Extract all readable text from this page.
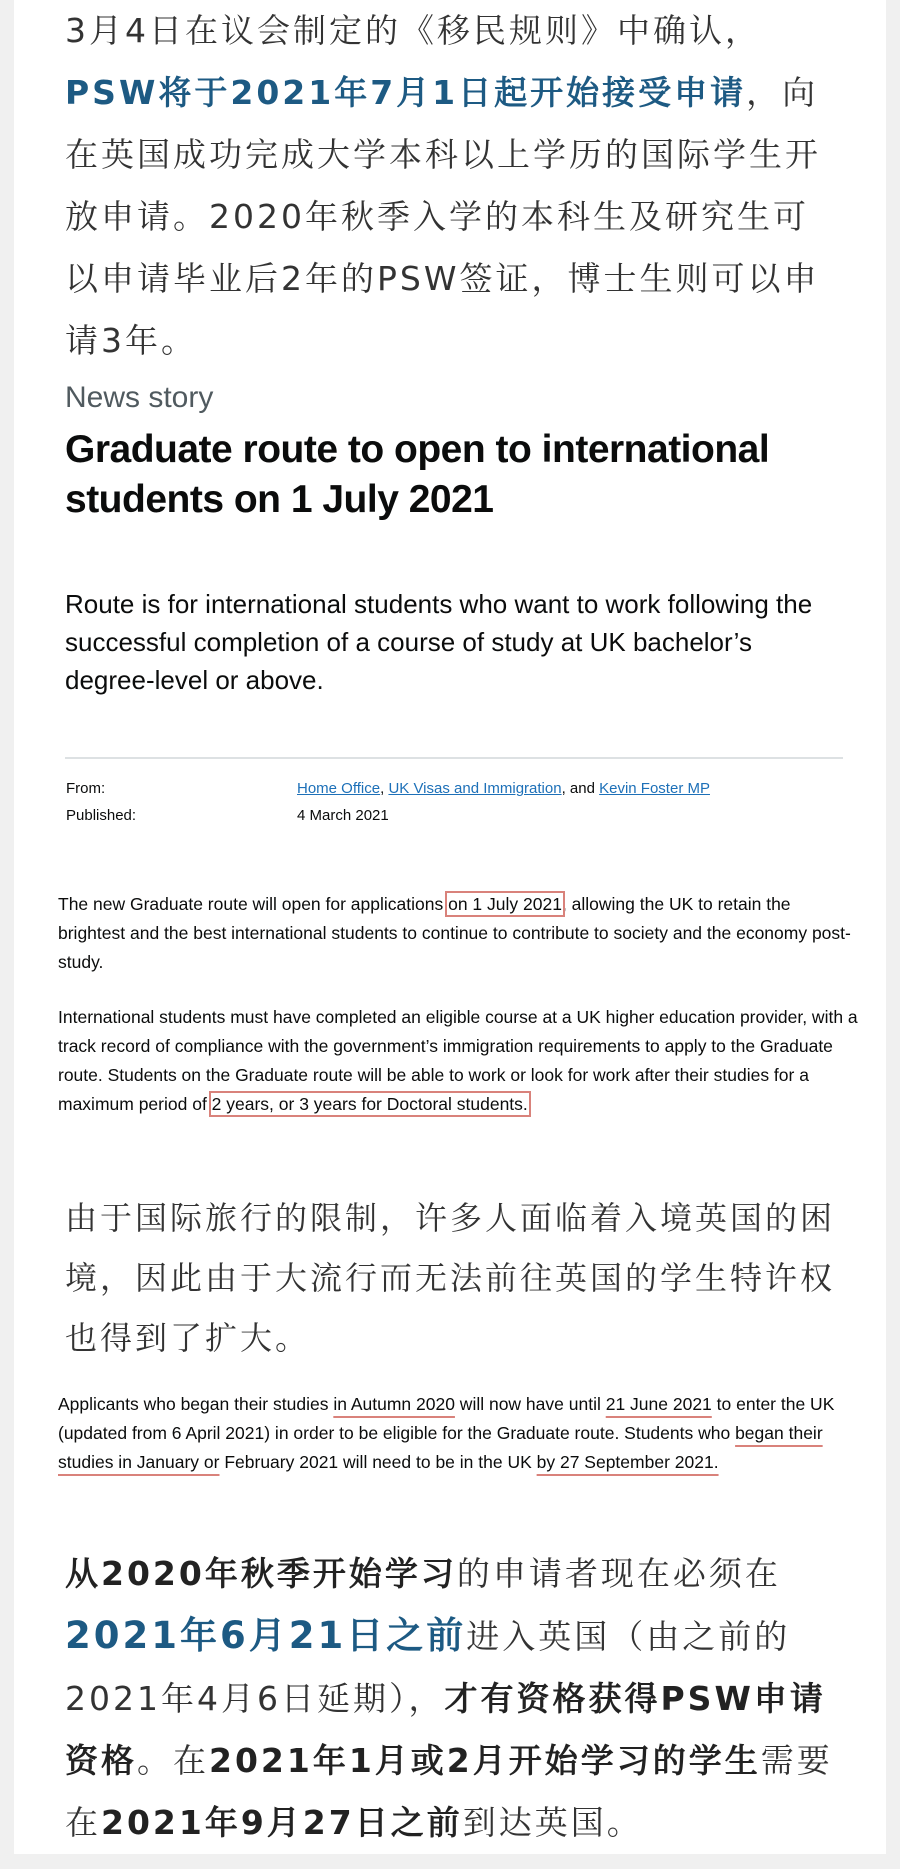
3月4日在议会制定的《移民规则》中确认，
PSW将于2021年7月1日起开始接受申请，向在英国成功完成大学本科以上学历的国际学生开放申请。2020年秋季入学的本科生及研究生可以申请毕业后2年的PSW签证，博士生则可以申请3年。
News story
Graduate route to open to international students on 1 July 2021
Route is for international students who want to work following the successful completion of a course of study at UK bachelor’s degree-level or above.
From:	Home Office, UK Visas and Immigration, and Kevin Foster MP
Published:	4 March 2021
The new Graduate route will open for applications on 1 July 2021, allowing the UK to retain the brightest and the best international students to continue to contribute to society and the economy post-study.
International students must have completed an eligible course at a UK higher education provider, with a track record of compliance with the government’s immigration requirements to apply to the Graduate route. Students on the Graduate route will be able to work or look for work after their studies for a maximum period of 2 years, or 3 years for Doctoral students.
由于国际旅行的限制，许多人面临着入境英国的困境，因此由于大流行而无法前往英国的学生特许权也得到了扩大。
Applicants who began their studies in Autumn 2020 will now have until 21 June 2021 to enter the UK (updated from 6 April 2021) in order to be eligible for the Graduate route. Students who began their studies in January or February 2021 will need to be in the UK by 27 September 2021.
从2020年秋季开始学习的申请者现在必须在2021年6月21日之前进入英国（由之前的2021年4月6日延期），才有资格获得PSW申请资格。在2021年1月或2月开始学习的学生需要在2021年9月27日之前到达英国。
